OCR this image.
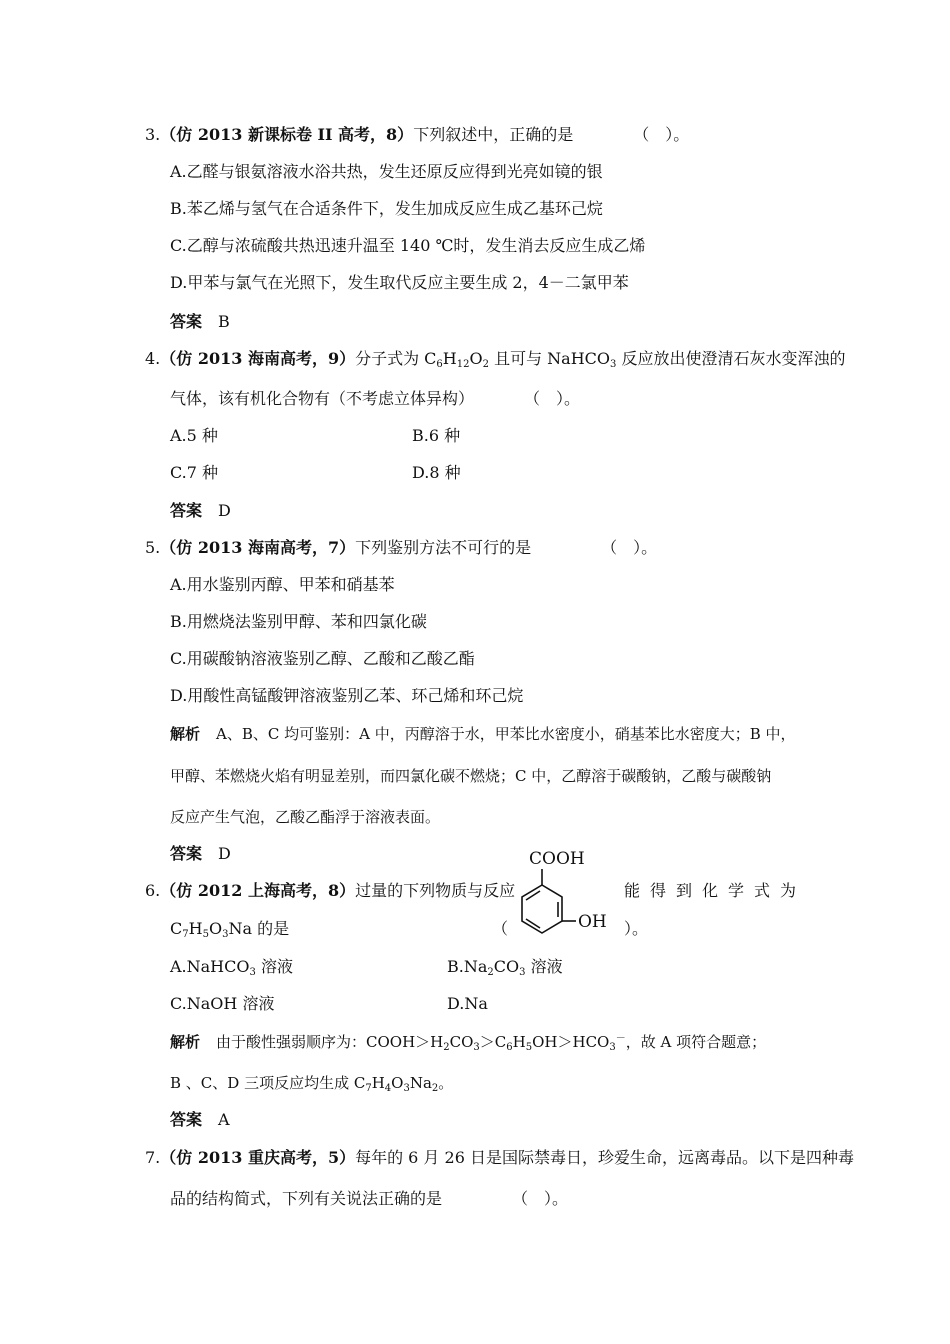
3.（仿 2013 新课标卷 II 高考，8）下列叙述中，正确的是	（　）。
A.乙醛与银氨溶液水浴共热，发生还原反应得到光亮如镜的银
B.苯乙烯与氢气在合适条件下，发生加成反应生成乙基环己烷
C.乙醇与浓硫酸共热迅速升温至 140 ℃时，发生消去反应生成乙烯
D.甲苯与氯气在光照下，发生取代反应主要生成 2，4－二氯甲苯
答案 B
4.（仿 2013 海南高考，9）分子式为 $C_6H_{12}O_2$ 且可与 NaHCO$_3$ 反应放出使澄清石灰水变浑浊的
气体，该有机化合物有（不考虑立体异构）	（　）。
A.5 种	B.6 种
C.7 种	D.8 种
答案 D
5.（仿 2013 海南高考，7）下列鉴别方法不可行的是	（　）。
A.用水鉴别丙醇、甲苯和硝基苯
B.用燃烧法鉴别甲醇、苯和四氯化碳
C.用碳酸钠溶液鉴别乙醇、乙酸和乙酸乙酯
D.用酸性高锰酸钾溶液鉴别乙苯、环己烯和环己烷
解析 A、B、C 均可鉴别：A 中，丙醇溶于水，甲苯比水密度小，硝基苯比水密度大；B 中，
甲醇、苯燃烧火焰有明显差别，而四氯化碳不燃烧；C 中，乙醇溶于碳酸钠，乙酸与碳酸钠
反应产生气泡，乙酸乙酯浮于溶液表面。
答案 D
6.（仿 2012 上海高考，8）过量的下列物质与反应	能得到化学式为
COOH
OH
$C_7H_5O_3Na$ 的是	（	）。
A.NaHCO$_3$ 溶液	$B.Na_2CO_3$ 溶液
C.NaOH 溶液	D.Na
解析 由于酸性强弱顺序为：$COOH>H_2CO_3>C_6H_5OH>HCO_3^-$，故 A 项符合题意；
B 、C、D 三项反应均生成 $C_7H_4O_3Na_2$。
答案 A
7.（仿 2013 重庆高考，5）每年的 6 月 26 日是国际禁毒日，珍爱生命，远离毒品。以下是四种毒
品的结构简式，下列有关说法正确的是	（　）。
